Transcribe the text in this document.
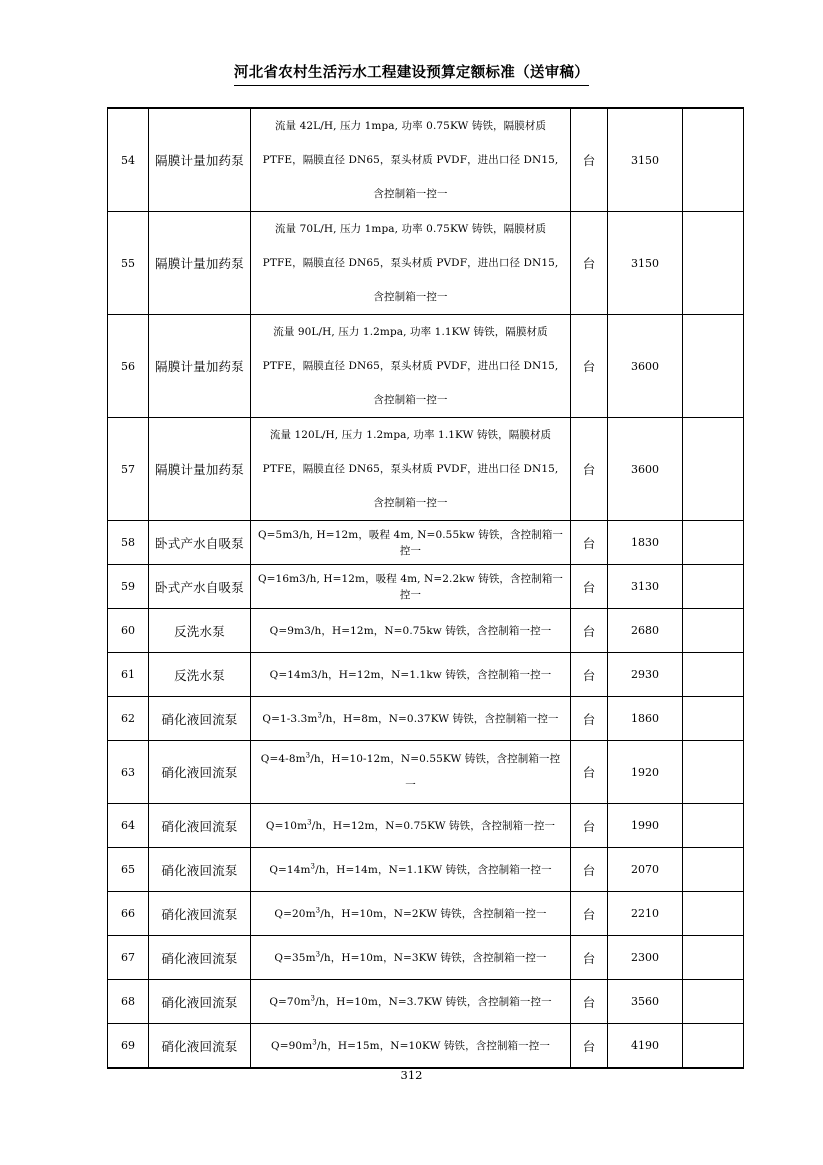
河北省农村生活污水工程建设预算定额标准（送审稿）
54	隔膜计量加药泵	流量 42L/H, 压力 1mpa, 功率 0.75KW 铸铁，隔膜材质
PTFE，隔膜直径 DN65，泵头材质 PVDF，进出口径 DN15,
含控制箱一控一	台	3150	
55	隔膜计量加药泵	流量 70L/H, 压力 1mpa, 功率 0.75KW 铸铁，隔膜材质
PTFE，隔膜直径 DN65，泵头材质 PVDF，进出口径 DN15,
含控制箱一控一	台	3150	
56	隔膜计量加药泵	流量 90L/H, 压力 1.2mpa, 功率 1.1KW 铸铁，隔膜材质
PTFE，隔膜直径 DN65，泵头材质 PVDF，进出口径 DN15,
含控制箱一控一	台	3600	
57	隔膜计量加药泵	流量 120L/H, 压力 1.2mpa, 功率 1.1KW 铸铁，隔膜材质
PTFE，隔膜直径 DN65，泵头材质 PVDF，进出口径 DN15,
含控制箱一控一	台	3600	
58	卧式产水自吸泵	Q=5m3/h, H=12m，吸程 4m, N=0.55kw 铸铁，含控制箱一控一	台	1830	
59	卧式产水自吸泵	Q=16m3/h, H=12m，吸程 4m, N=2.2kw 铸铁，含控制箱一控一	台	3130	
60	反洗水泵	Q=9m3/h，H=12m，N=0.75kw 铸铁，含控制箱一控一	台	2680	
61	反洗水泵	Q=14m3/h，H=12m，N=1.1kw 铸铁，含控制箱一控一	台	2930	
62	硝化液回流泵	$Q=1-3.3m^3/h$，H=8m，N=0.37KW 铸铁，含控制箱一控一	台	1860	
63	硝化液回流泵	$Q=4-8m^3/h$，H=10-12m，N=0.55KW 铸铁，含控制箱一控
一	台	1920	
64	硝化液回流泵	$Q=10m^3/h$，H=12m，N=0.75KW 铸铁，含控制箱一控一	台	1990	
65	硝化液回流泵	$Q=14m^3/h$，H=14m，N=1.1KW 铸铁，含控制箱一控一	台	2070	
66	硝化液回流泵	$Q=20m^3/h$，H=10m，N=2KW 铸铁，含控制箱一控一	台	2210	
67	硝化液回流泵	$Q=35m^3/h$，H=10m，N=3KW 铸铁，含控制箱一控一	台	2300	
68	硝化液回流泵	$Q=70m^3/h$，H=10m，N=3.7KW 铸铁，含控制箱一控一	台	3560	
69	硝化液回流泵	$Q=90m^3/h$，H=15m，N=10KW 铸铁，含控制箱一控一	台	4190	
312
